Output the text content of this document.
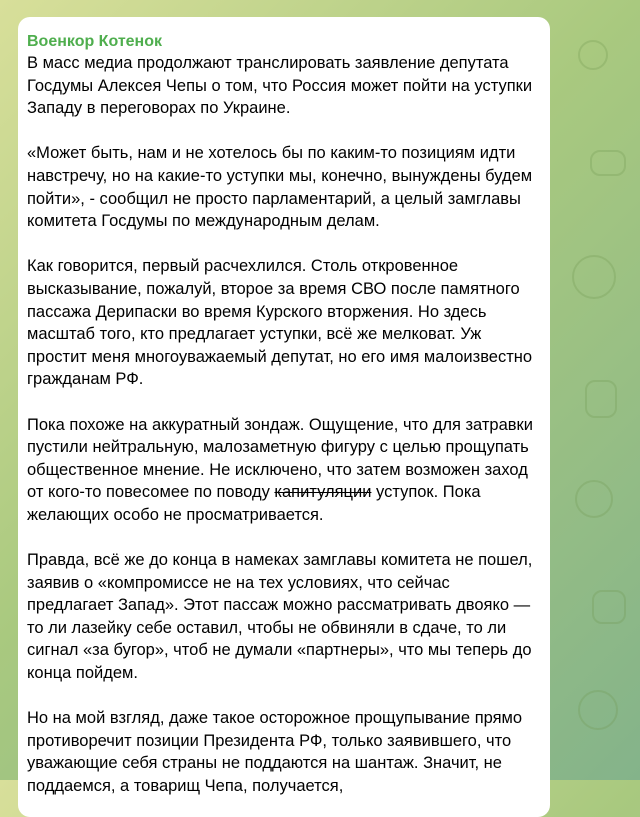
Военкор Котенок

В масс медиа продолжают транслировать заявление депутата Госдумы Алексея Чепы о том, что Россия может пойти на уступки Западу в переговорах по Украине.

«Может быть, нам и не хотелось бы по каким-то позициям идти навстречу, но на какие-то уступки мы, конечно, вынуждены будем пойти», - сообщил не просто парламентарий, а целый замглавы комитета Госдумы по международным делам.

Как говорится, первый расчехлился. Столь откровенное высказывание, пожалуй, второе за время СВО после памятного пассажа Дерипаски во время Курского вторжения. Но здесь масштаб того, кто предлагает уступки, всё же мелковат. Уж простит меня многоуважаемый депутат, но его имя малоизвестно гражданам РФ.

Пока похоже на аккуратный зондаж. Ощущение, что для затравки пустили нейтральную, малозаметную фигуру с целью прощупать общественное мнение. Не исключено, что затем возможен заход от кого-то повесомее по поводу капитуляции уступок. Пока желающих особо не просматривается.

Правда, всё же до конца в намеках замглавы комитета не пошел, заявив о «компромиссе не на тех условиях, что сейчас предлагает Запад». Этот пассаж можно рассматривать двояко — то ли лазейку себе оставил, чтобы не обвиняли в сдаче, то ли сигнал «за бугор», чтоб не думали «партнеры», что мы теперь до конца пойдем.

Но на мой взгляд, даже такое осторожное прощупывание прямо противоречит позиции Президента РФ, только заявившего, что уважающие себя страны не поддаются на шантаж. Значит, не поддаемся, а товарищ Чепа, получается,
